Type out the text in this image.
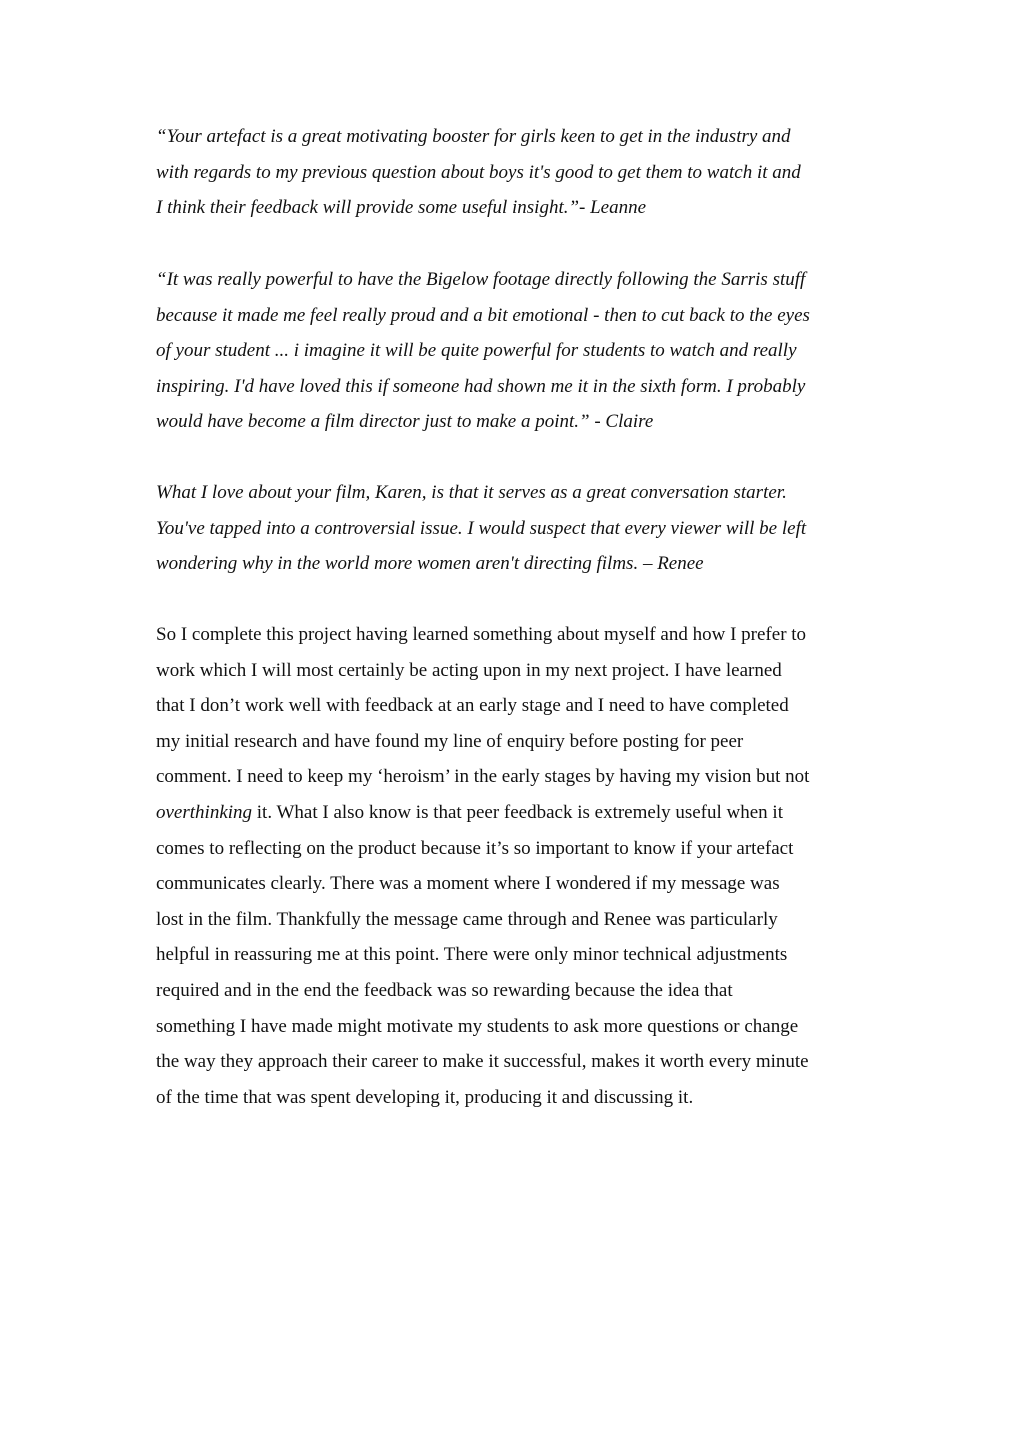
“Your artefact is a great motivating booster for girls keen to get in the industry and
with regards to my previous question about boys it's good to get them to watch it and
I think their feedback will provide some useful insight.”- Leanne

“It was really powerful to have the Bigelow footage directly following the Sarris stuff
because it made me feel really proud and a bit emotional - then to cut back to the eyes
of your student ... i imagine it will be quite powerful for students to watch and really
inspiring. I'd have loved this if someone had shown me it in the sixth form. I probably
would have become a film director just to make a point.” - Claire

What I love about your film, Karen, is that it serves as a great conversation starter.
You've tapped into a controversial issue. I would suspect that every viewer will be left
wondering why in the world more women aren't directing films. – Renee

So I complete this project having learned something about myself and how I prefer to
work which I will most certainly be acting upon in my next project. I have learned
that I don’t work well with feedback at an early stage and I need to have completed
my initial research and have found my line of enquiry before posting for peer
comment. I need to keep my ‘heroism’ in the early stages by having my vision but not
overthinking it. What I also know is that peer feedback is extremely useful when it
comes to reflecting on the product because it’s so important to know if your artefact
communicates clearly. There was a moment where I wondered if my message was
lost in the film. Thankfully the message came through and Renee was particularly
helpful in reassuring me at this point. There were only minor technical adjustments
required and in the end the feedback was so rewarding because the idea that
something I have made might motivate my students to ask more questions or change
the way they approach their career to make it successful, makes it worth every minute
of the time that was spent developing it, producing it and discussing it.
